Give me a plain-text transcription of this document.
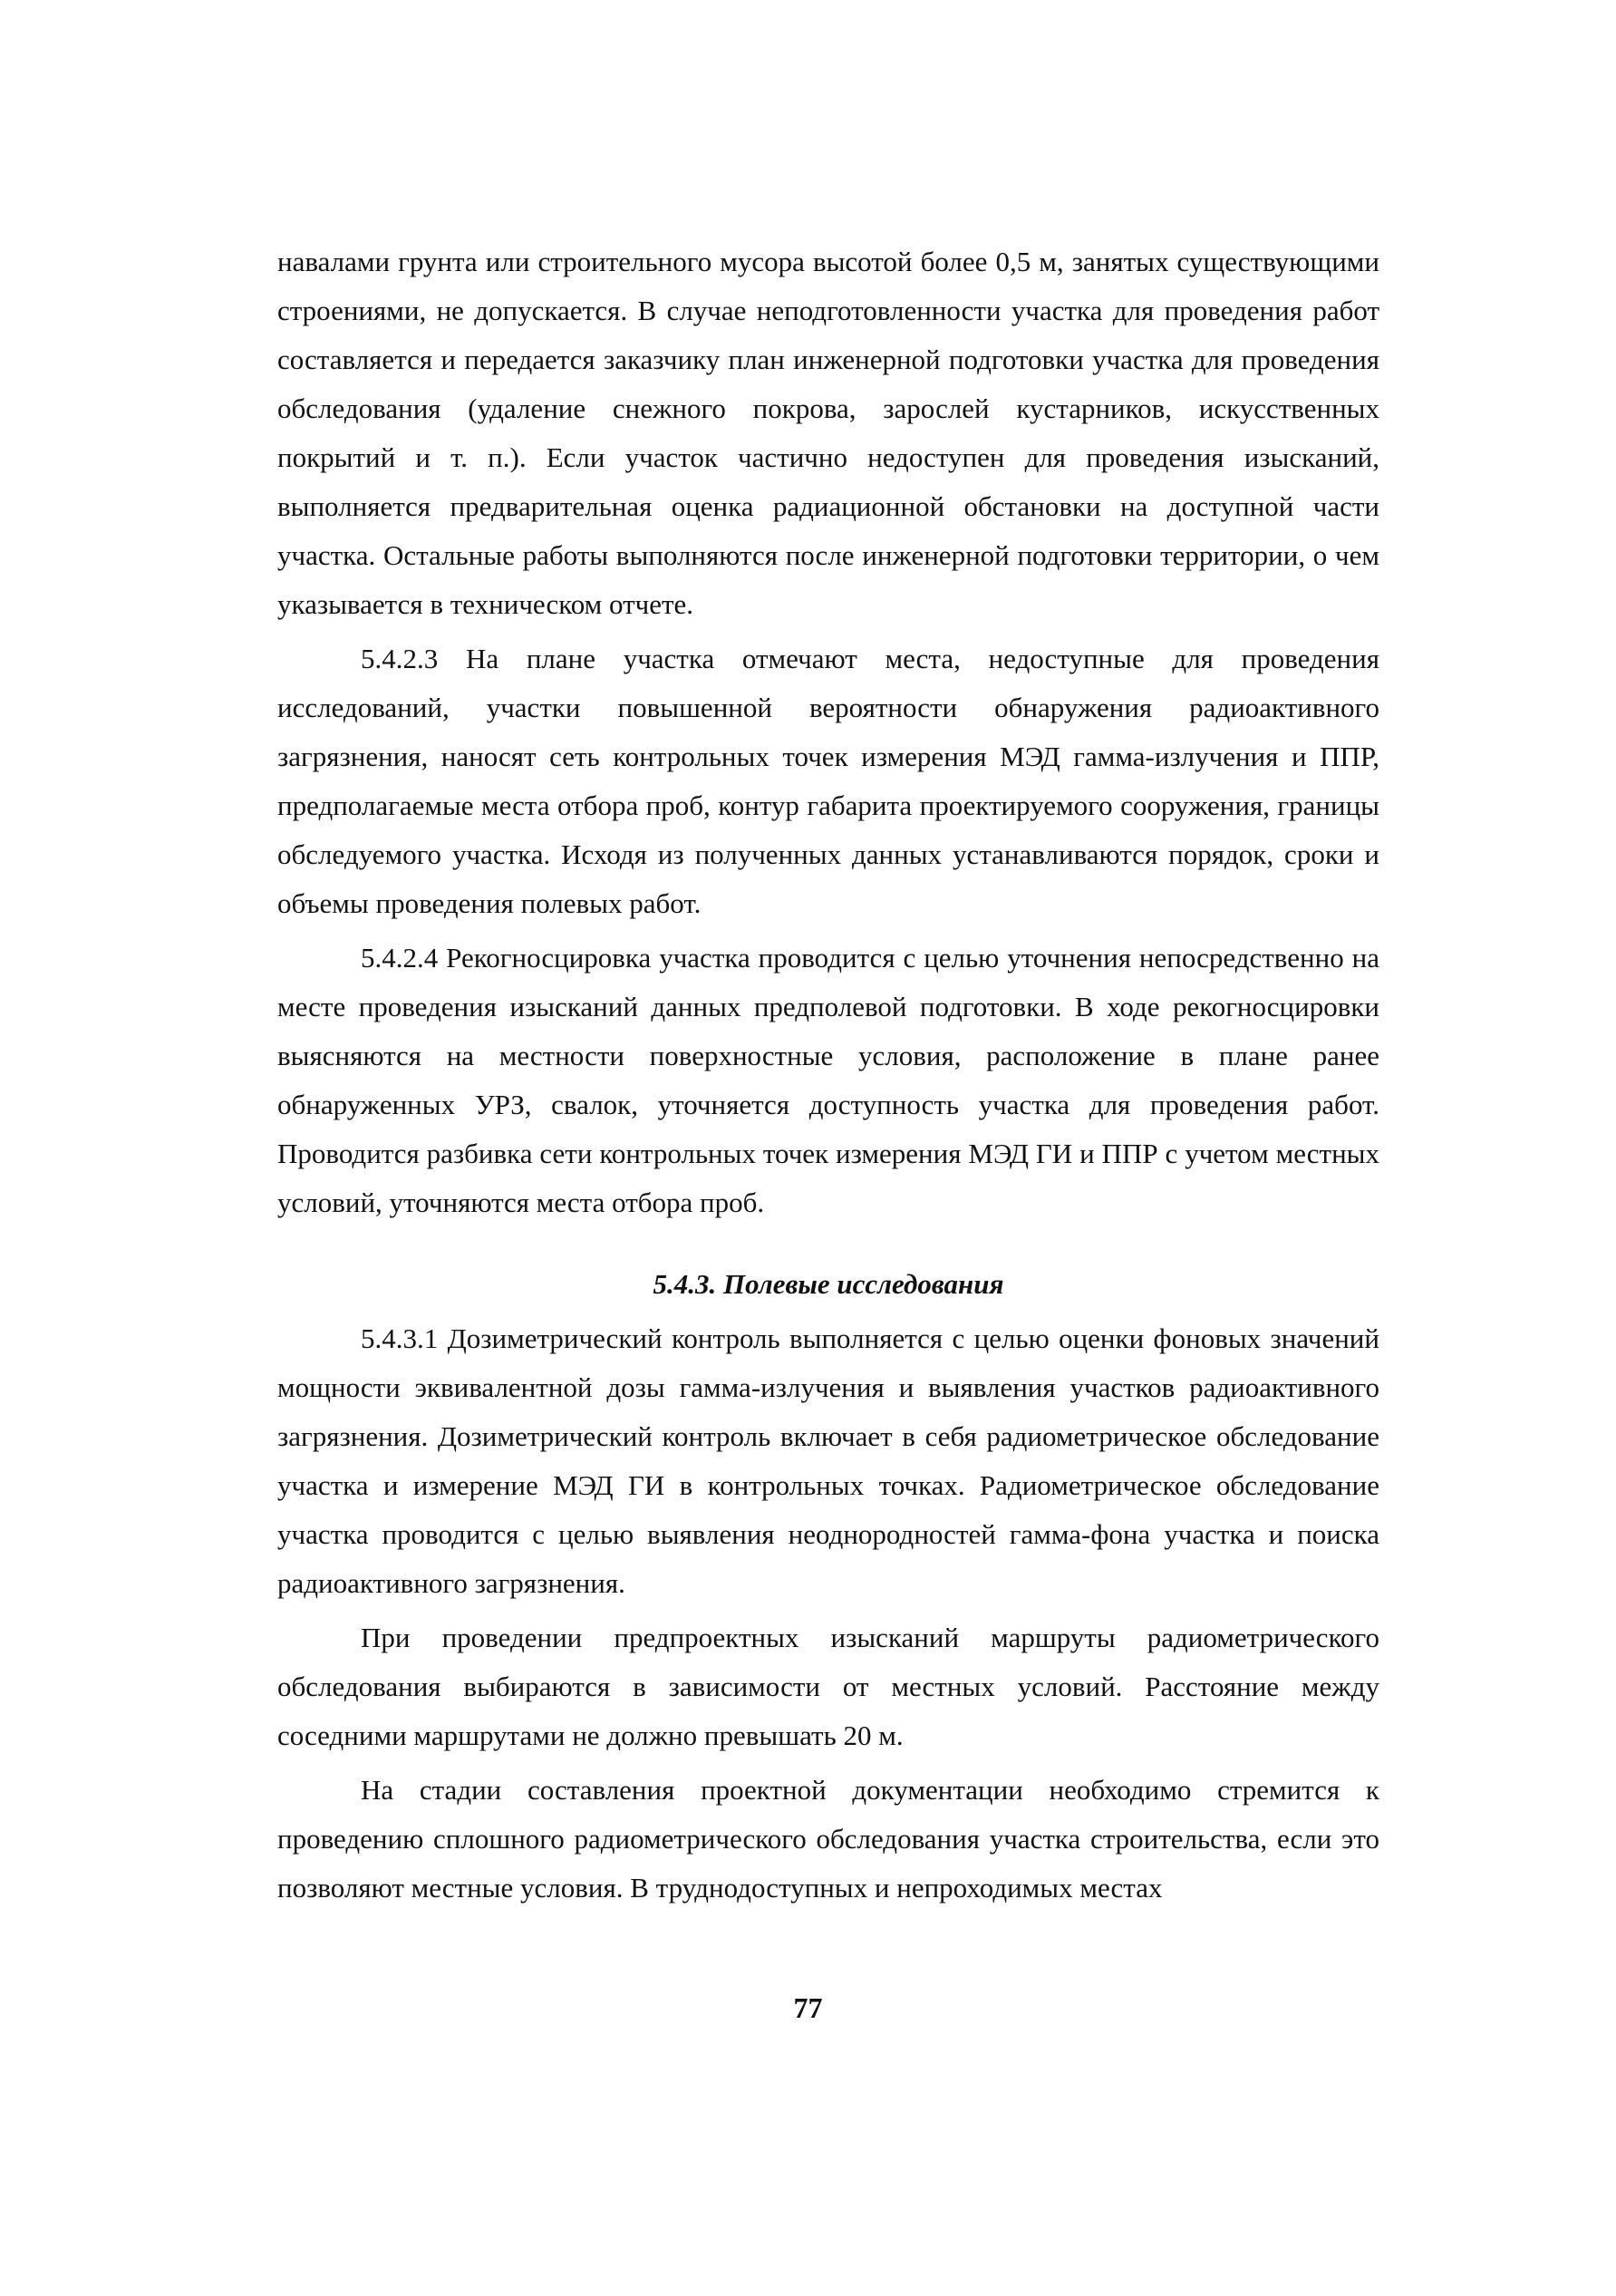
навалами грунта или строительного мусора высотой более 0,5 м, занятых существующими строениями, не допускается. В случае неподготовленности участка для проведения работ составляется и передается заказчику план инженерной подготовки участка для проведения обследования (удаление снежного покрова, зарослей кустарников, искусственных покрытий и т. п.). Если участок частично недоступен для проведения изысканий, выполняется предварительная оценка радиационной обстановки на доступной части участка. Остальные работы выполняются после инженерной подготовки территории, о чем указывается в техническом отчете.

5.4.2.3 На плане участка отмечают места, недоступные для проведения исследований, участки повышенной вероятности обнаружения радиоактивного загрязнения, наносят сеть контрольных точек измерения МЭД гамма-излучения и ППР, предполагаемые места отбора проб, контур габарита проектируемого сооружения, границы обследуемого участка. Исходя из полученных данных устанавливаются порядок, сроки и объемы проведения полевых работ.

5.4.2.4 Рекогносцировка участка проводится с целью уточнения непосредственно на месте проведения изысканий данных предполевой подготовки. В ходе рекогносцировки выясняются на местности поверхностные условия, расположение в плане ранее обнаруженных УРЗ, свалок, уточняется доступность участка для проведения работ. Проводится разбивка сети контрольных точек измерения МЭД ГИ и ППР с учетом местных условий, уточняются места отбора проб.

5.4.3. Полевые исследования

5.4.3.1 Дозиметрический контроль выполняется с целью оценки фоновых значений мощности эквивалентной дозы гамма-излучения и выявления участков радиоактивного загрязнения. Дозиметрический контроль включает в себя радиометрическое обследование участка и измерение МЭД ГИ в контрольных точках. Радиометрическое обследование участка проводится с целью выявления неоднородностей гамма-фона участка и поиска радиоактивного загрязнения.

При проведении предпроектных изысканий маршруты радиометрического обследования выбираются в зависимости от местных условий. Расстояние между соседними маршрутами не должно превышать 20 м.

На стадии составления проектной документации необходимо стремится к проведению сплошного радиометрического обследования участка строительства, если это позволяют местные условия. В труднодоступных и непроходимых местах

77
